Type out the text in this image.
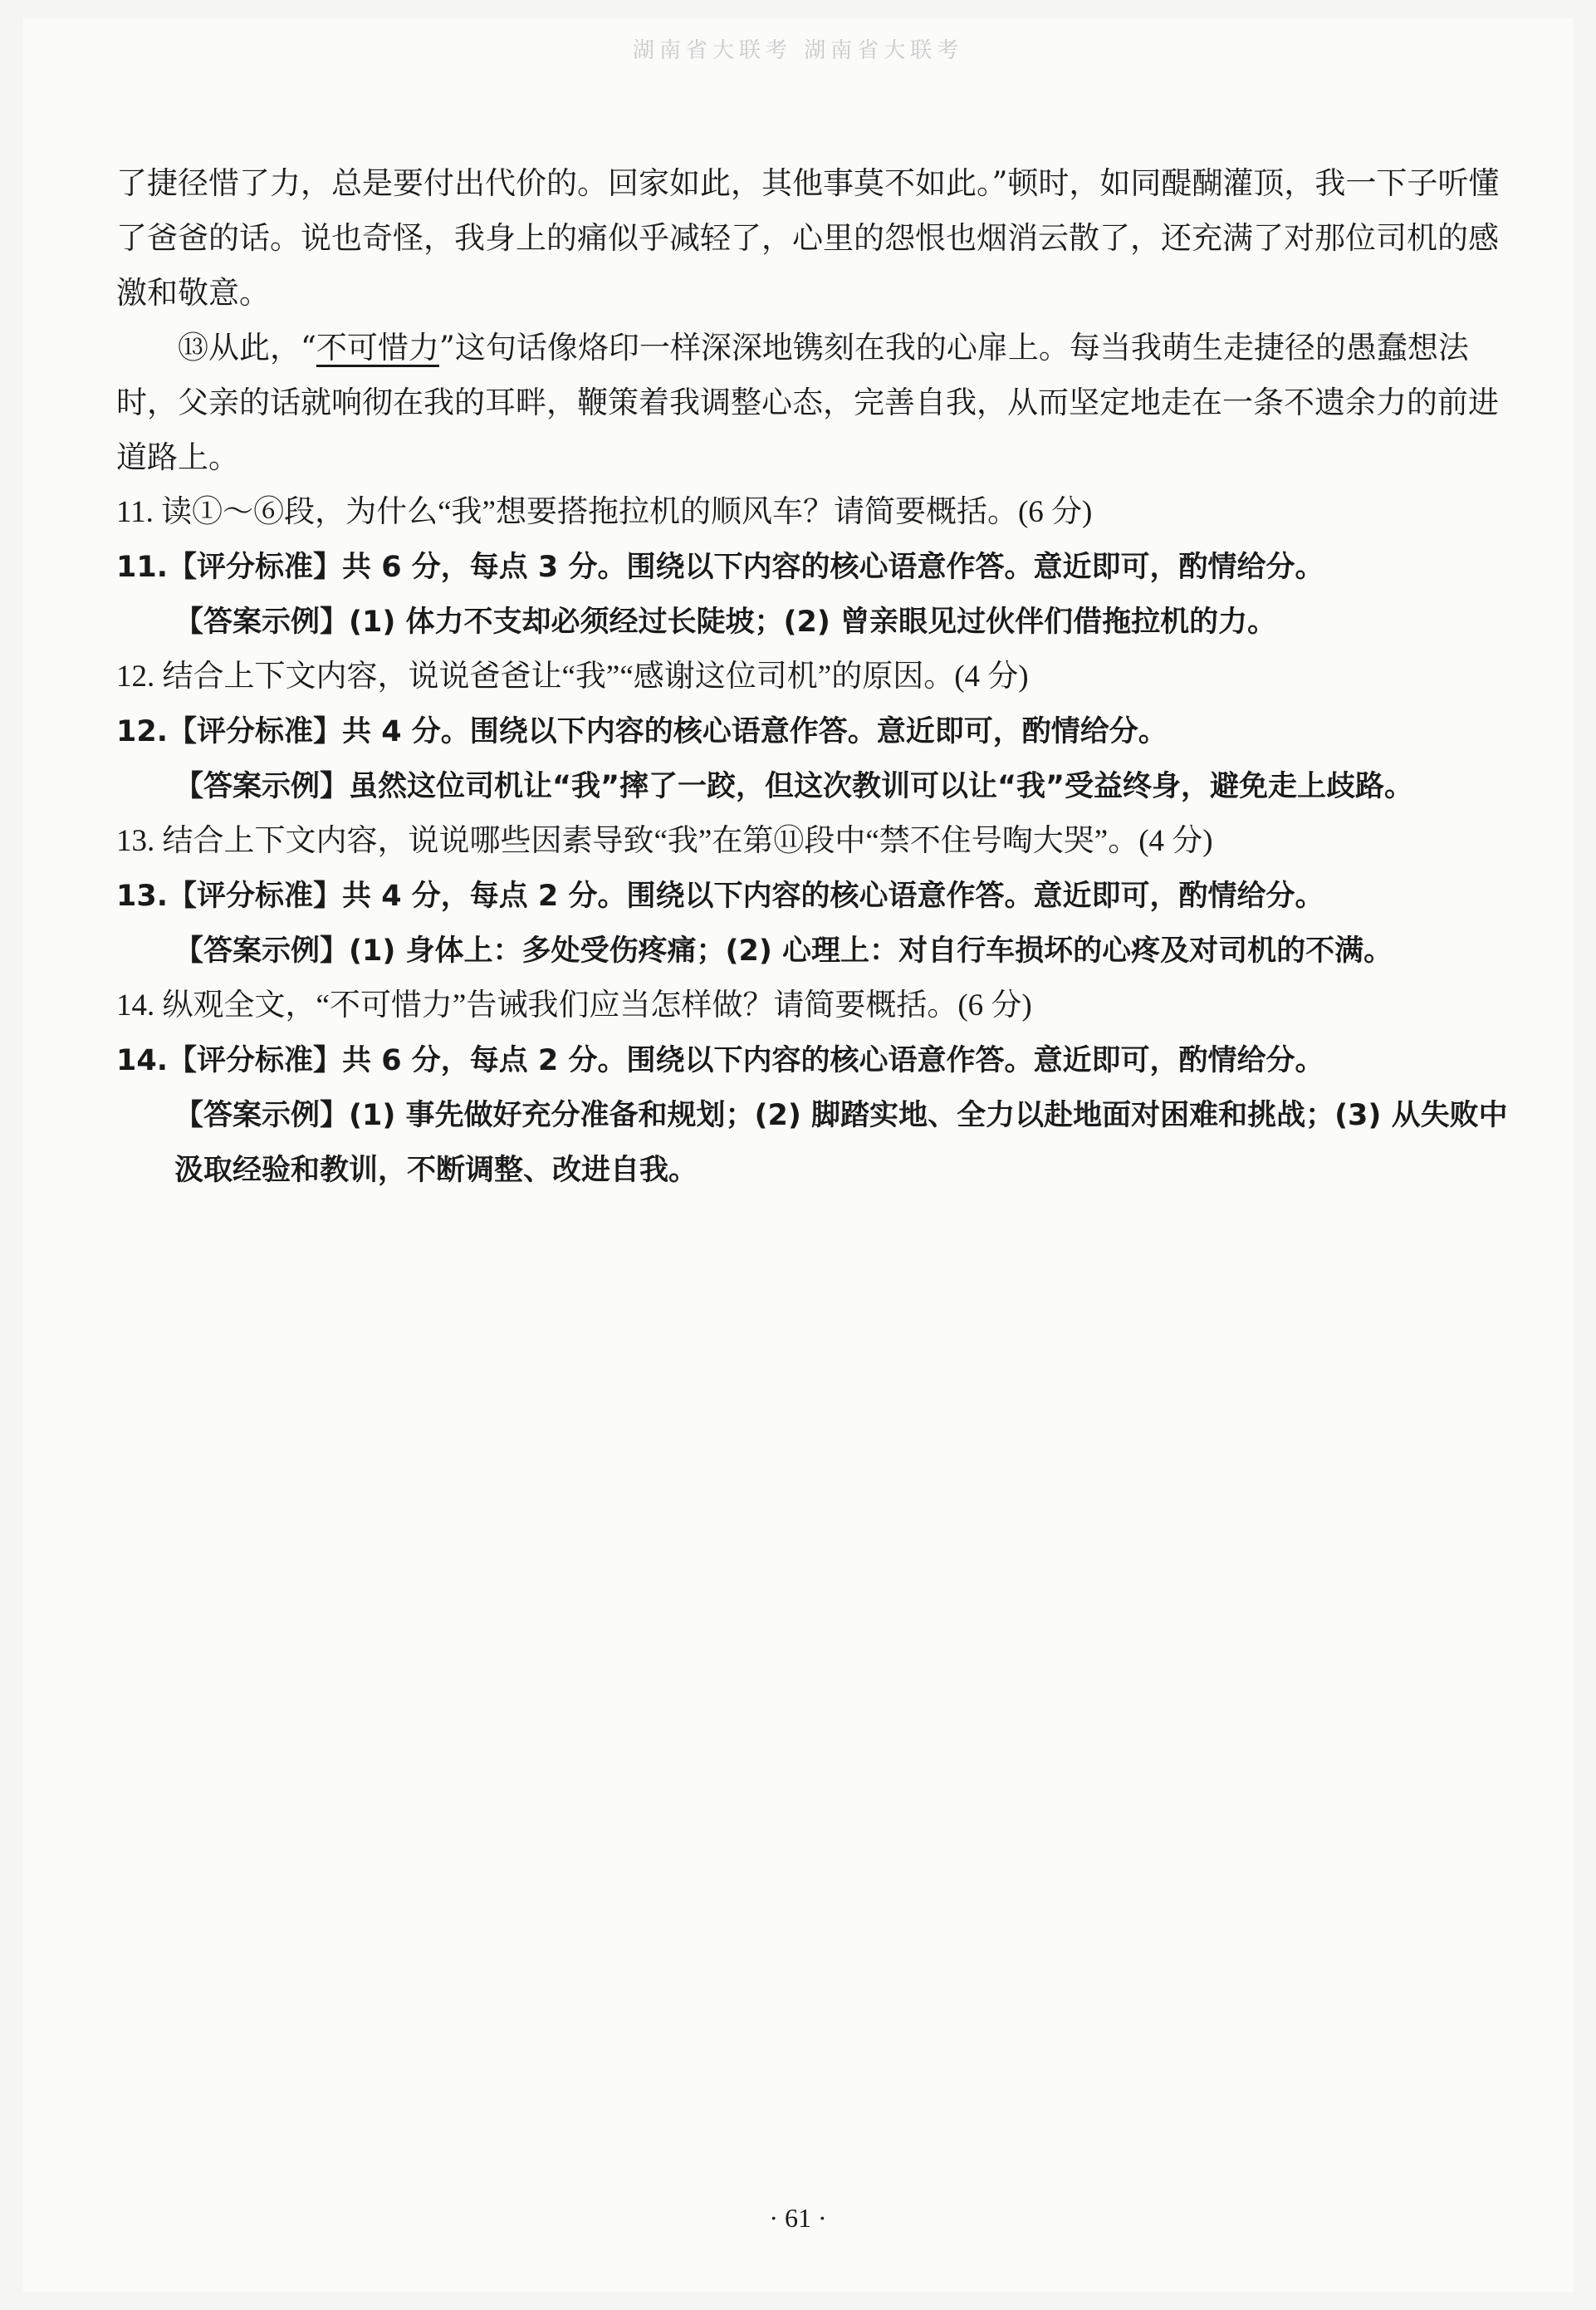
湖南省大联考 湖南省大联考

了捷径惜了力，总是要付出代价的。回家如此，其他事莫不如此。”顿时，如同醍醐灌顶，我一下子听懂了爸爸的话。说也奇怪，我身上的痛似乎减轻了，心里的怨恨也烟消云散了，还充满了对那位司机的感激和敬意。

⑬从此，“不可惜力”这句话像烙印一样深深地镌刻在我的心扉上。每当我萌生走捷径的愚蠢想法时，父亲的话就响彻在我的耳畔，鞭策着我调整心态，完善自我，从而坚定地走在一条不遗余力的前进道路上。

11. 读①～⑥段，为什么“我”想要搭拖拉机的顺风车？请简要概括。(6 分)

11.【评分标准】共 6 分，每点 3 分。围绕以下内容的核心语意作答。意近即可，酌情给分。

【答案示例】(1) 体力不支却必须经过长陡坡；(2) 曾亲眼见过伙伴们借拖拉机的力。

12. 结合上下文内容，说说爸爸让“我”“感谢这位司机”的原因。(4 分)

12.【评分标准】共 4 分。围绕以下内容的核心语意作答。意近即可，酌情给分。

【答案示例】虽然这位司机让“我”摔了一跤，但这次教训可以让“我”受益终身，避免走上歧路。

13. 结合上下文内容，说说哪些因素导致“我”在第⑪段中“禁不住号啕大哭”。(4 分)

13.【评分标准】共 4 分，每点 2 分。围绕以下内容的核心语意作答。意近即可，酌情给分。

【答案示例】(1) 身体上：多处受伤疼痛；(2) 心理上：对自行车损坏的心疼及对司机的不满。

14. 纵观全文，“不可惜力”告诫我们应当怎样做？请简要概括。(6 分)

14.【评分标准】共 6 分，每点 2 分。围绕以下内容的核心语意作答。意近即可，酌情给分。

【答案示例】(1) 事先做好充分准备和规划；(2) 脚踏实地、全力以赴地面对困难和挑战；(3) 从失败中汲取经验和教训，不断调整、改进自我。

· 61 ·
